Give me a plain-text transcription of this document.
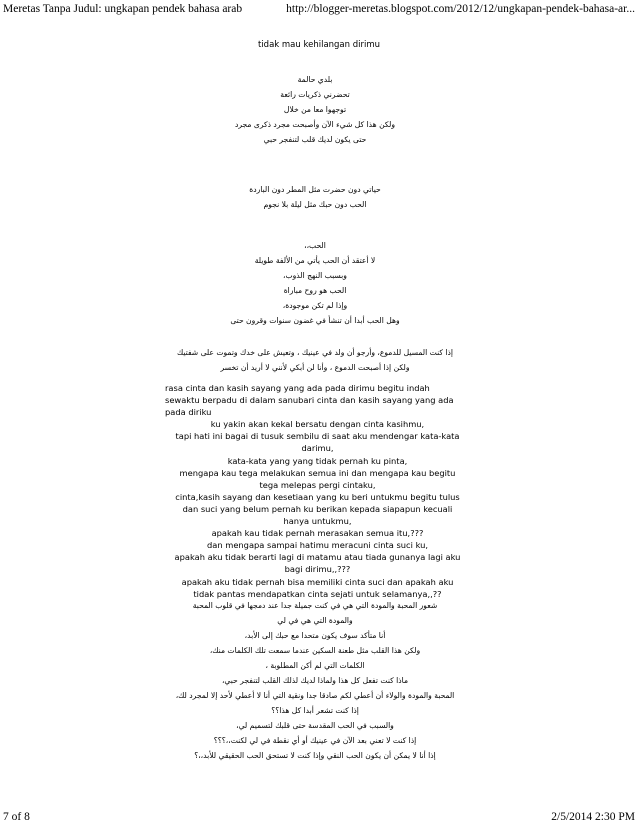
Meretas Tanpa Judul: ungkapan pendek bahasa arab	http://blogger-meretas.blogspot.com/2012/12/ungkapan-pendek-bahasa-ar...
tidak mau kehilangan dirimu
بلدي حالمة
تحضرني ذكريات رائعة
توجهوا معا من خلال
ولكن هذا كل شيء الآن وأصبحت مجرد ذكرى مجرد
حتى يكون لديك قلب لتنفجر حبي
حياتي دون حضرت مثل المطر دون الباردة
الحب دون حبك مثل ليلة بلا نجوم
الحب،،
لا أعتقد أن الحب يأتي من الألفة طويلة
وبسبب النهج الذوب،
الحب هو روح مباراة
وإذا لم تكن موجودة،
وهل الحب أبدا أن تنشأ في غضون سنوات وقرون حتى
إذا كنت المسيل للدموع، وأرجو أن ولد في عينيك ، وتعيش على خدك وتموت على شفتيك
ولكن إذا أصبحت الدموع ، وأنا لن أبكي لأنني لا أريد أن تخسر
rasa cinta dan kasih sayang yang ada pada dirimu begitu indah
sewaktu berpadu di dalam sanubari cinta dan kasih sayang yang ada
pada diriku
ku yakin akan kekal bersatu dengan cinta kasihmu,
tapi hati ini bagai di tusuk sembilu di saat aku mendengar kata-kata
darimu,
kata-kata yang yang tidak pernah ku pinta,
mengapa kau tega melakukan semua ini dan mengapa kau begitu
tega melepas pergi cintaku,
cinta,kasih sayang dan kesetiaan yang ku beri untukmu begitu tulus
dan suci yang belum pernah ku berikan kepada siapapun kecuali
hanya untukmu,
apakah kau tidak pernah merasakan semua itu,???
dan mengapa sampai hatimu meracuni cinta suci ku,
apakah aku tidak berarti lagi di matamu atau tiada gunanya lagi aku
bagi dirimu,,???
apakah aku tidak pernah bisa memiliki cinta suci dan apakah aku
tidak pantas mendapatkan cinta sejati untuk selamanya,,??
شعور المحبة والمودة التي هي في كنت جميلة جدا عند دمجها في قلوب المحبة
والمودة التي هي في لي
أنا متأكد سوف يكون متحدا مع حبك إلى الأبد،
ولكن هذا القلب مثل طعنة السكين عندما سمعت تلك الكلمات منك،
الكلمات التي لم أكن المطلوبة ،
ماذا كنت تفعل كل هذا ولماذا لديك لذلك القلب لتنفجر حبي،
المحبة والمودة والولاء أن أعطي لكم صادقا جدا ونقية التي أنا لا أعطي لأحد إلا لمجرد لك،
إذا كنت تشعر أبدا كل هذا؟؟
والسبب في الحب المقدسة حتى قلبك لتسميم لي،
إذا كنت لا تعني بعد الآن في عينيك أو أي نقطة في لي لكنت،،؟؟؟
إذا أنا لا يمكن أن يكون الحب النقي وإذا كنت لا تستحق الحب الحقيقي للأبد،،؟
7 of 8	2/5/2014 2:30 PM
